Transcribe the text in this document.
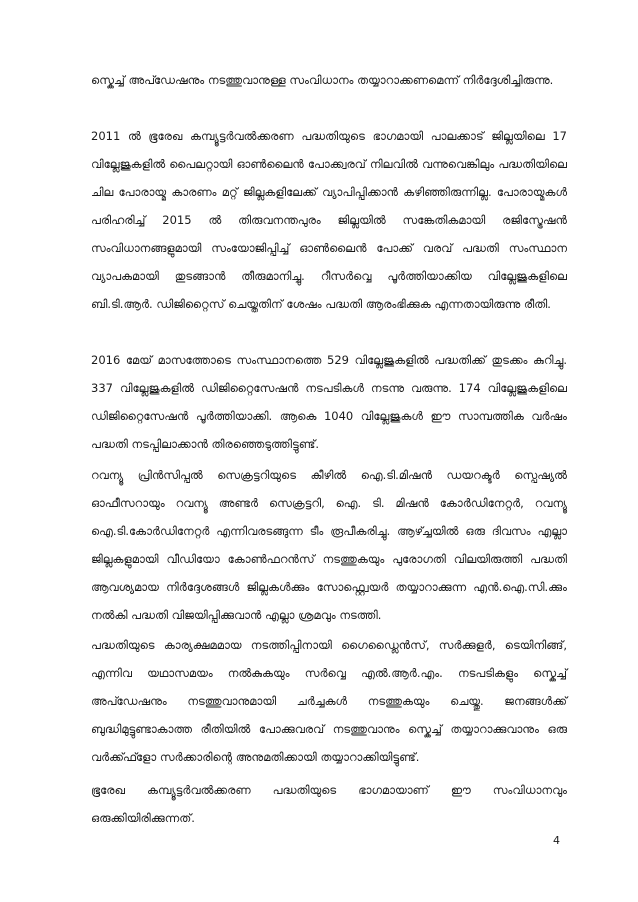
സ്കെച്ച് അപ്ഡേഷനും നടത്തുവാനുള്ള സംവിധാനം തയ്യാറാക്കണമെന്ന് നിർദ്ദേശിച്ചിരുന്നു.

2011 ൽ ഭൂരേഖ കമ്പ്യൂട്ടർവൽക്കരണ പദ്ധതിയുടെ ഭാഗമായി പാലക്കാട് ജില്ലയിലെ 17 വില്ലേജുകളിൽ പൈലറ്റായി ഓൺലൈൻ പോക്ക്വരവ് നിലവിൽ വന്നുവെങ്കിലും പദ്ധതിയിലെ ചില പോരായ്മ കാരണം മറ്റ് ജില്ലകളിലേക്ക് വ്യാപിപ്പിക്കാൻ കഴിഞ്ഞിരുന്നില്ല. പോരായ്മകൾ പരിഹരിച്ച് 2015 ൽ തിരുവനന്തപുരം ജില്ലയിൽ സങ്കേതികമായി രജിസ്ട്രേഷൻ സംവിധാനങ്ങളുമായി സംയോജിപ്പിച്ച് ഓൺലൈൻ പോക്ക് വരവ് പദ്ധതി സംസ്ഥാന വ്യാപകമായി തുടങ്ങാൻ തീരുമാനിച്ചു. റീസർവ്വെ പൂർത്തിയാക്കിയ വില്ലേജുകളിലെ ബി.ടി.ആർ. ഡിജിറ്റൈസ് ചെയ്തതിന് ശേഷം പദ്ധതി ആരംഭിക്കുക എന്നതായിരുന്നു രീതി.

2016 മേയ് മാസത്തോടെ സംസ്ഥാനത്തെ 529 വില്ലേജുകളിൽ പദ്ധതിക്ക് തുടക്കം കുറിച്ചു. 337 വില്ലേജുകളിൽ ഡിജിറ്റൈസേഷൻ നടപടികൾ നടന്നു വരുന്നു. 174 വില്ലേജുകളിലെ ഡിജിറ്റൈസേഷൻ പൂർത്തിയാക്കി. ആകെ 1040 വില്ലേജുകൾ ഈ സാമ്പത്തിക വർഷം പദ്ധതി നടപ്പിലാക്കാൻ തിരഞ്ഞെടുത്തിട്ടുണ്ട്.

റവന്യൂ പ്രിൻസിപ്പൽ സെക്രട്ടറിയുടെ കീഴിൽ ഐ.ടി.മിഷൻ ഡയറക്ടർ സ്പെഷ്യൽ ഓഫീസറായും റവന്യൂ അണ്ടർ സെക്രട്ടറി, ഐ. ടി. മിഷൻ കോർഡിനേറ്റർ, റവന്യൂ ഐ.ടി.കോർഡിനേറ്റർ എന്നിവരടങ്ങുന്ന ടീം രൂപീകരിച്ചു. ആഴ്ച്ചയിൽ ഒരു ദിവസം എല്ലാ ജില്ലകളുമായി വീഡിയോ കോൺഫറൻസ് നടത്തുകയും പുരോഗതി വിലയിരുത്തി പദ്ധതി ആവശ്യമായ നിർദ്ദേശങ്ങൾ ജില്ലകൾക്കും സോഫ്റ്റ്വെയർ തയ്യാറാക്കുന്ന എൻ.ഐ.സി.ക്കും നൽകി പദ്ധതി വിജയിപ്പിക്കുവാൻ എല്ലാ ശ്രമവും നടത്തി.

പദ്ധതിയുടെ കാര്യക്ഷമമായ നടത്തിപ്പിനായി ഗൈഡ്ലൈൻസ്, സർക്കുളർ, ടെയിനിങ്ങ്, എന്നിവ യഥാസമയം നൽകുകയും സർവ്വെ എൽ.ആർ.എം. നടപടികളും സ്കെച്ച് അപ്ഡേഷനും നടത്തുവാനുമായി ചർച്ചകൾ നടത്തുകയും ചെയ്തു. ജനങ്ങൾക്ക് ബുദ്ധിമുട്ടുണ്ടാകാത്ത രീതിയിൽ പോക്കുവരവ് നടത്തുവാനും സ്കെച്ച് തയ്യാറാക്കുവാനും ഒരു വർക്ക്ഫ്ളോ സർക്കാരിന്റെ അനുമതിക്കായി തയ്യാറാക്കിയിട്ടുണ്ട്.

ഭൂരേഖ കമ്പ്യൂട്ടർവൽക്കരണ പദ്ധതിയുടെ ഭാഗമായാണ് ഈ സംവിധാനവും ഒരുക്കിയിരിക്കുന്നത്.

4
